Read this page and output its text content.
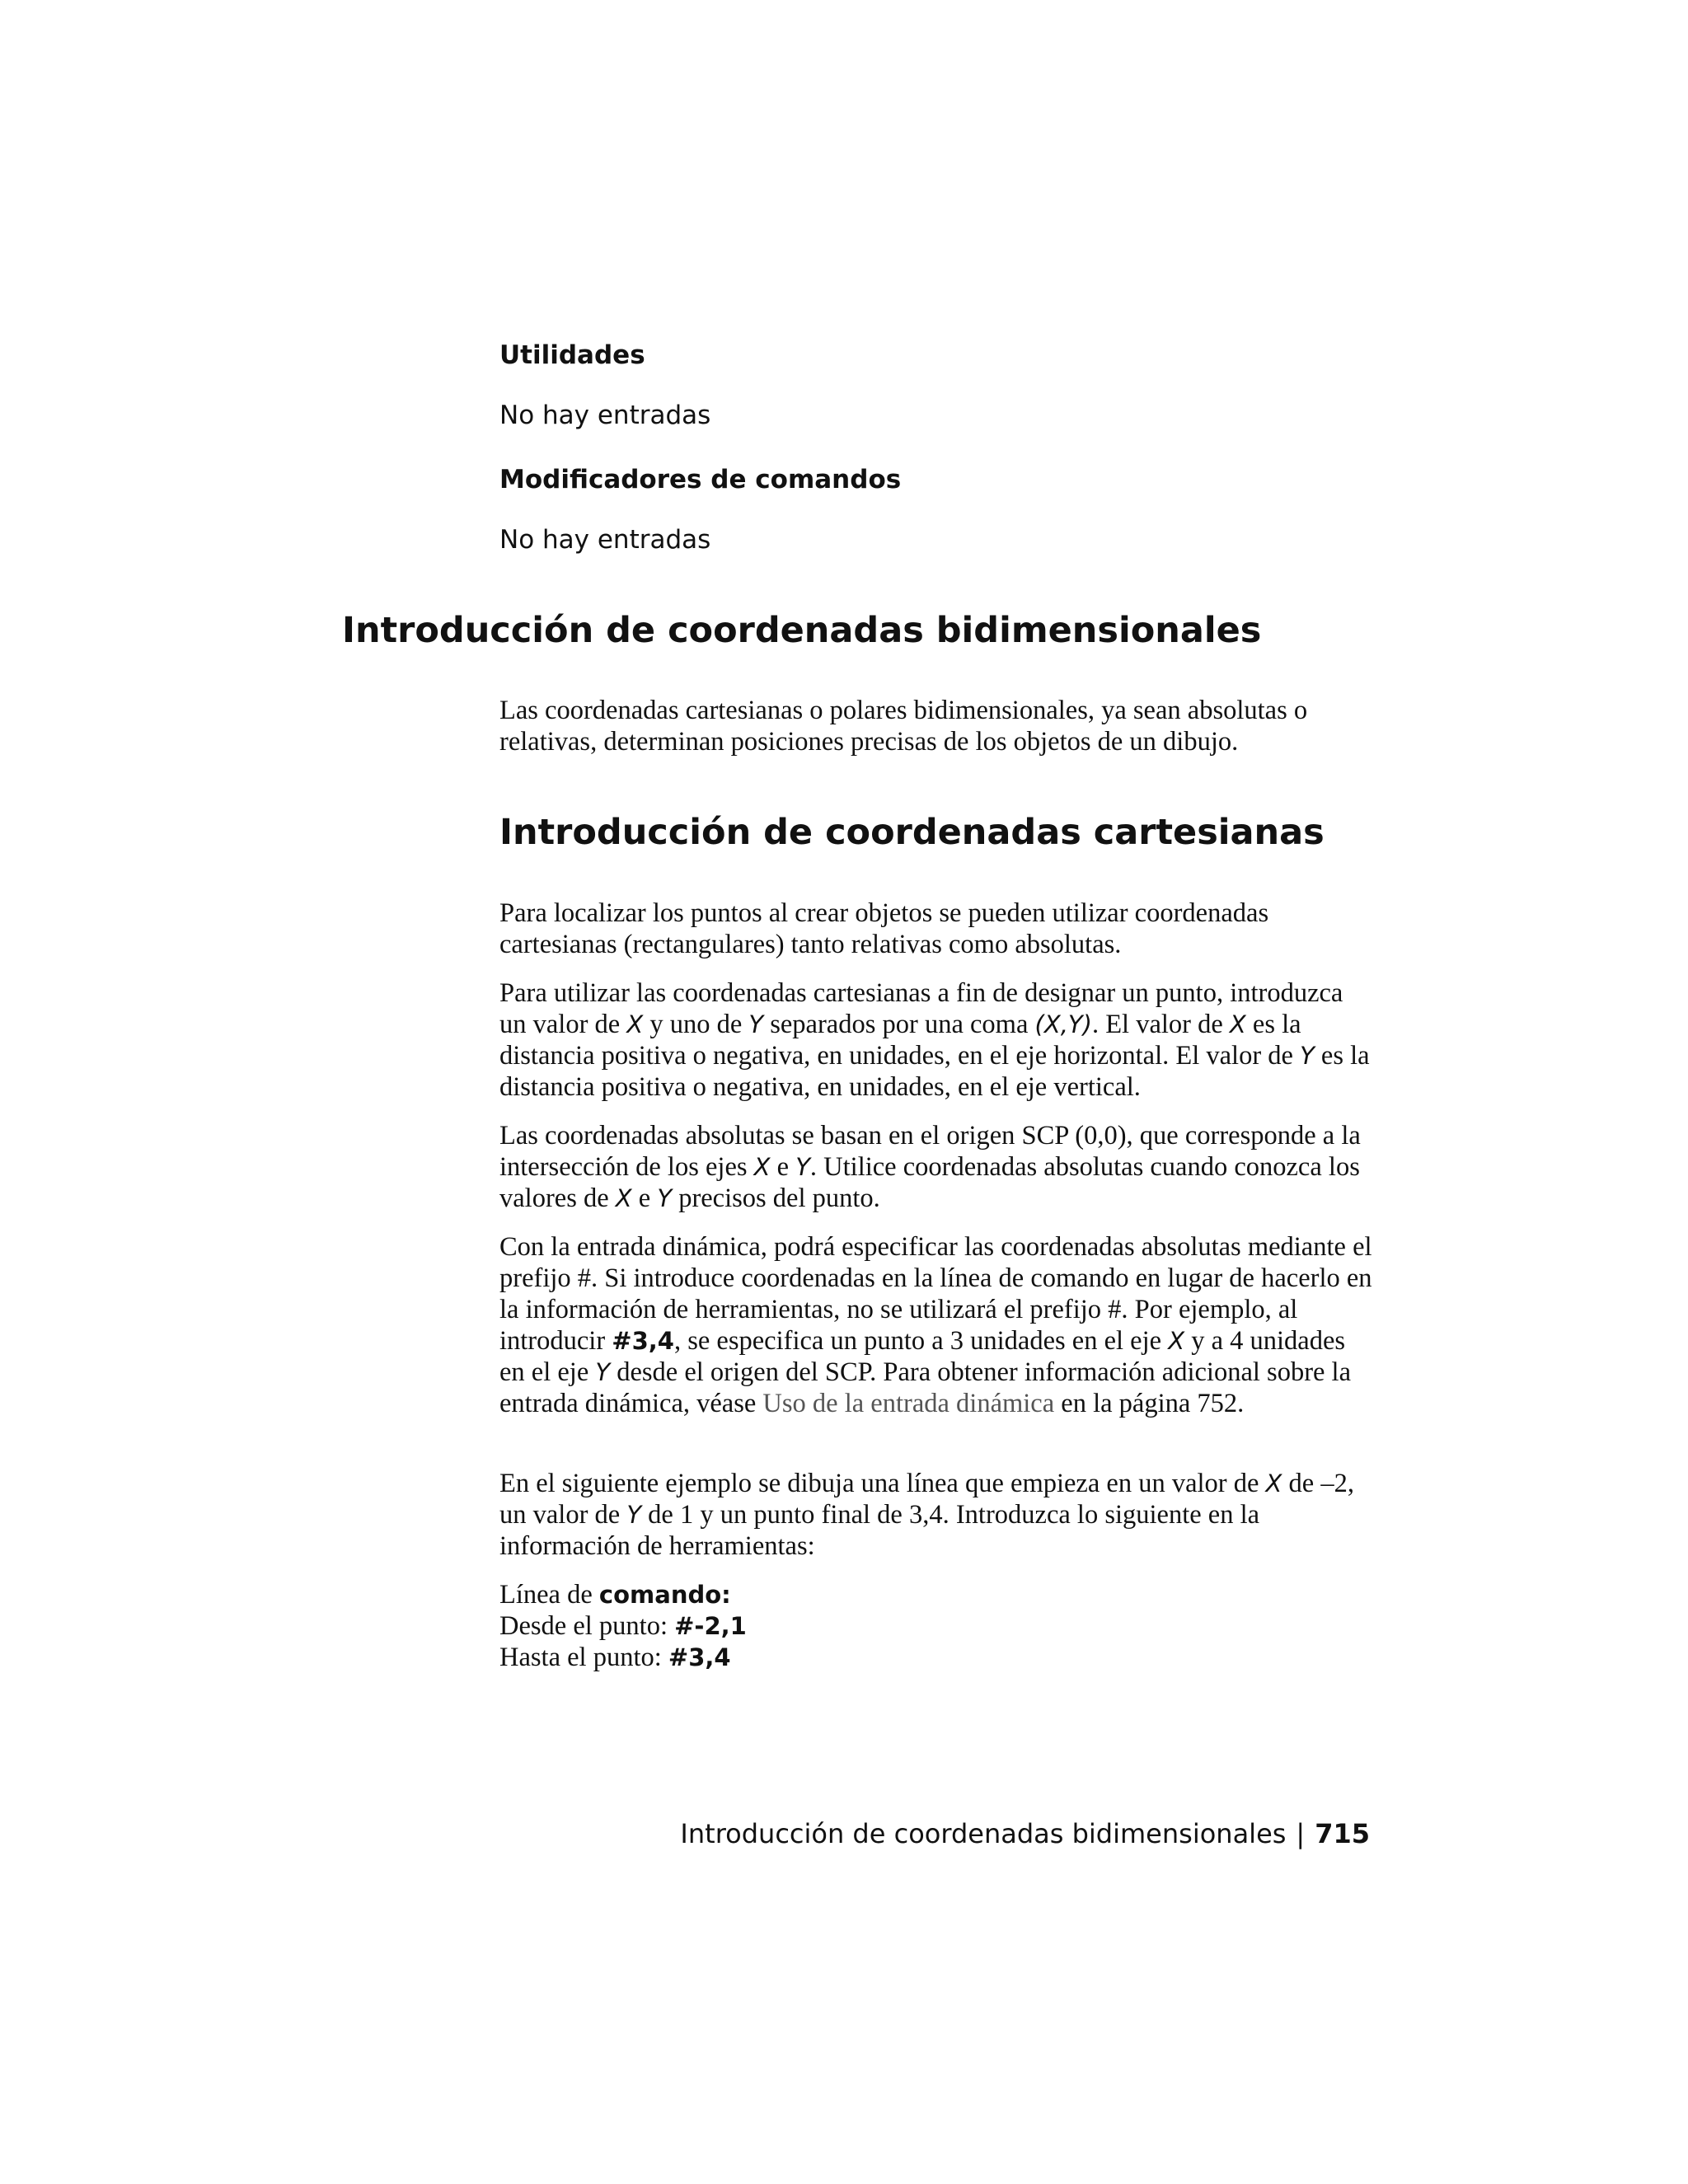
Utilidades

No hay entradas

Modificadores de comandos

No hay entradas

Introducción de coordenadas bidimensionales

Las coordenadas cartesianas o polares bidimensionales, ya sean absolutas o relativas, determinan posiciones precisas de los objetos de un dibujo.

Introducción de coordenadas cartesianas

Para localizar los puntos al crear objetos se pueden utilizar coordenadas cartesianas (rectangulares) tanto relativas como absolutas.

Para utilizar las coordenadas cartesianas a fin de designar un punto, introduzca un valor de X y uno de Y separados por una coma (X,Y). El valor de X es la distancia positiva o negativa, en unidades, en el eje horizontal. El valor de Y es la distancia positiva o negativa, en unidades, en el eje vertical.

Las coordenadas absolutas se basan en el origen SCP (0,0), que corresponde a la intersección de los ejes X e Y. Utilice coordenadas absolutas cuando conozca los valores de X e Y precisos del punto.

Con la entrada dinámica, podrá especificar las coordenadas absolutas mediante el prefijo #. Si introduce coordenadas en la línea de comando en lugar de hacerlo en la información de herramientas, no se utilizará el prefijo #. Por ejemplo, al introducir #3,4, se especifica un punto a 3 unidades en el eje X y a 4 unidades en el eje Y desde el origen del SCP. Para obtener información adicional sobre la entrada dinámica, véase Uso de la entrada dinámica en la página 752.

En el siguiente ejemplo se dibuja una línea que empieza en un valor de X de –2, un valor de Y de 1 y un punto final de 3,4. Introduzca lo siguiente en la información de herramientas:

Línea de comando:

Desde el punto: #-2,1

Hasta el punto: #3,4

Introducción de coordenadas bidimensionales | 715
